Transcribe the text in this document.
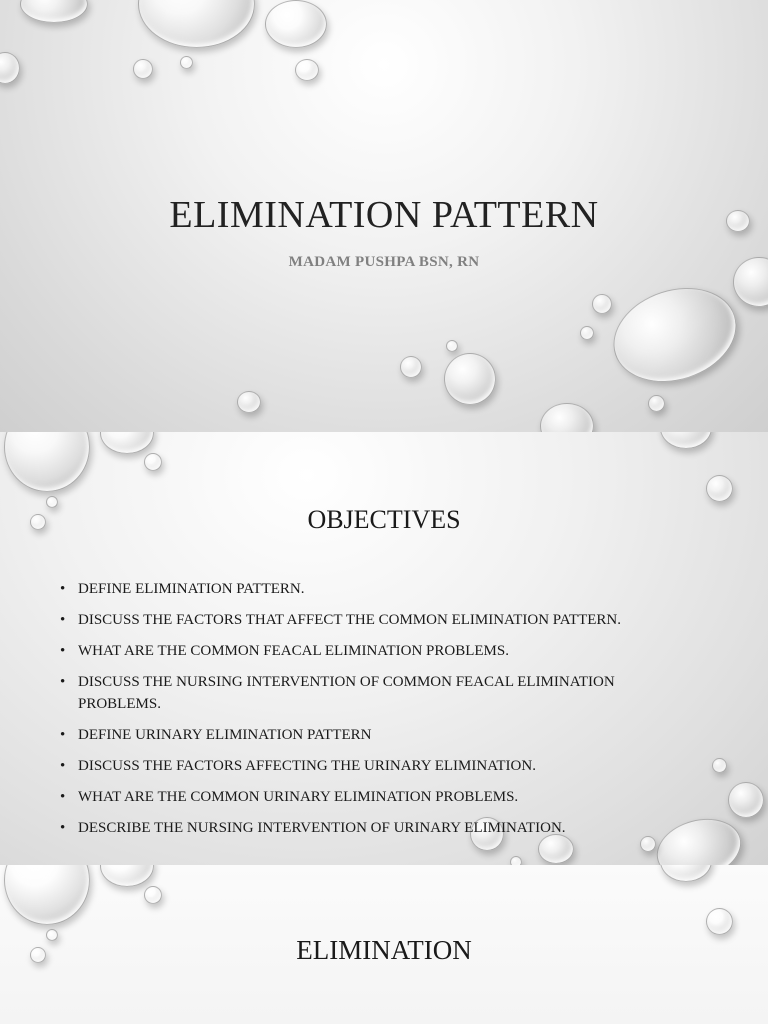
ELIMINATION PATTERN
MADAM PUSHPA BSN, RN
OBJECTIVES
• DEFINE ELIMINATION PATTERN.
• DISCUSS THE FACTORS THAT AFFECT THE COMMON ELIMINATION PATTERN.
• WHAT ARE THE COMMON FEACAL ELIMINATION PROBLEMS.
• DISCUSS THE NURSING INTERVENTION OF COMMON FEACAL ELIMINATION PROBLEMS.
• DEFINE URINARY ELIMINATION PATTERN
• DISCUSS THE FACTORS AFFECTING THE URINARY ELIMINATION.
• WHAT ARE THE COMMON URINARY ELIMINATION PROBLEMS.
• DESCRIBE THE NURSING INTERVENTION OF URINARY ELIMINATION.
ELIMINATION
